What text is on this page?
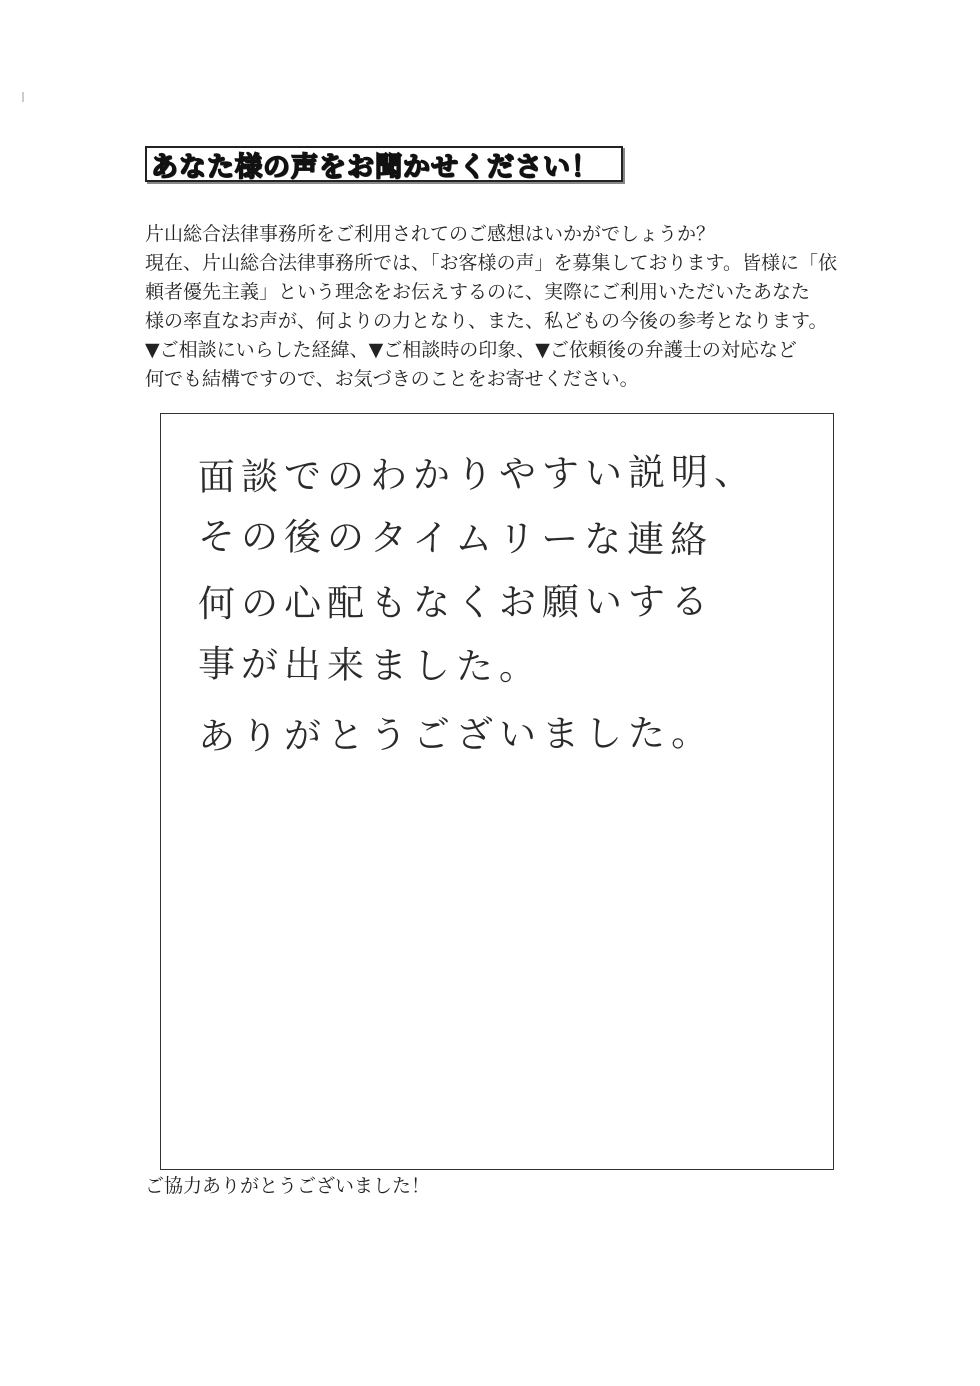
あなた様の声をお聞かせください！
片山総合法律事務所をご利用されてのご感想はいかがでしょうか？
現在、片山総合法律事務所では、「お客様の声」を募集しております。皆様に「依
頼者優先主義」という理念をお伝えするのに、実際にご利用いただいたあなた
様の率直なお声が、何よりの力となり、また、私どもの今後の参考となります。
▼ご相談にいらした経緯、▼ご相談時の印象、▼ご依頼後の弁護士の対応など
何でも結構ですので、お気づきのことをお寄せください。
面談でのわかりやすい説明、
その後のタイムリーな連絡
何の心配もなくお願いする
事が出来ました。
ありがとうございました。
ご協力ありがとうございました！
